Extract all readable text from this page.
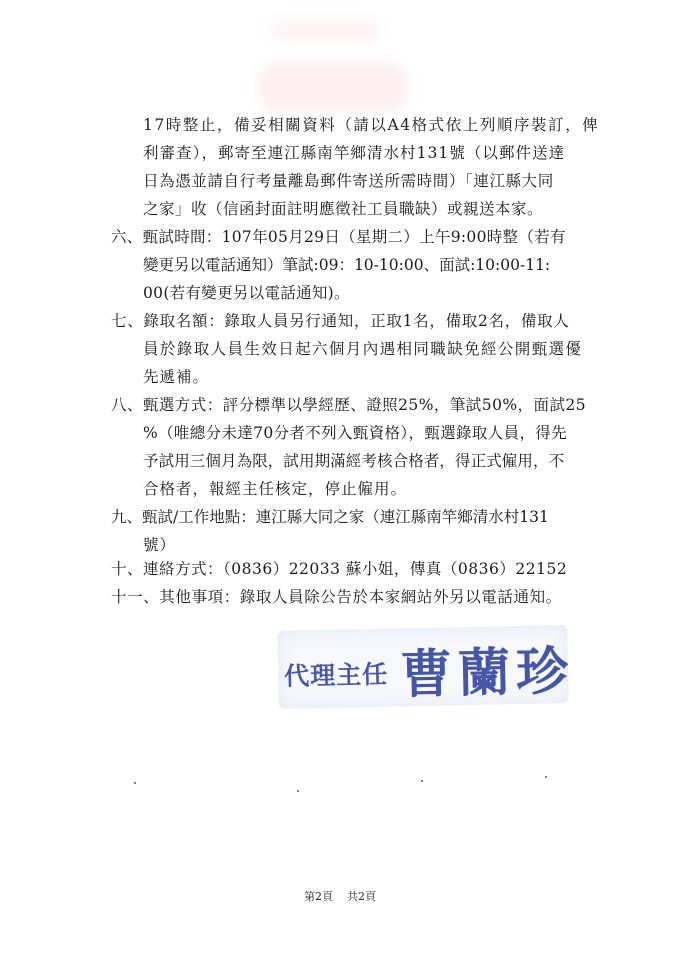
17時整止，備妥相關資料（請以A4格式依上列順序裝訂，俾
利審查），郵寄至連江縣南竿鄉清水村131號（以郵件送達
日為憑並請自行考量離島郵件寄送所需時間）「連江縣大同
之家」收（信函封面註明應徵社工員職缺）或親送本家。
六、甄試時間：107年05月29日（星期二）上午9:00時整（若有
變更另以電話通知）筆試:09：10-10:00、面試:10:00-11:
00(若有變更另以電話通知)。
七、錄取名額：錄取人員另行通知，正取1名，備取2名，備取人
員於錄取人員生效日起六個月內遇相同職缺免經公開甄選優
先遞補。
八、甄選方式：評分標準以學經歷、證照25%，筆試50%，面試25
%（唯總分未達70分者不列入甄資格），甄選錄取人員，得先
予試用三個月為限，試用期滿經考核合格者，得正式僱用，不
合格者，報經主任核定，停止僱用。
九、甄試/工作地點：連江縣大同之家（連江縣南竿鄉清水村131
號）
十、連絡方式：（0836）22033 蘇小姐，傳真（0836）22152
十一、其他事項：錄取人員除公告於本家網站外另以電話通知。
代理主任 曹蘭珍
第2頁 共2頁
